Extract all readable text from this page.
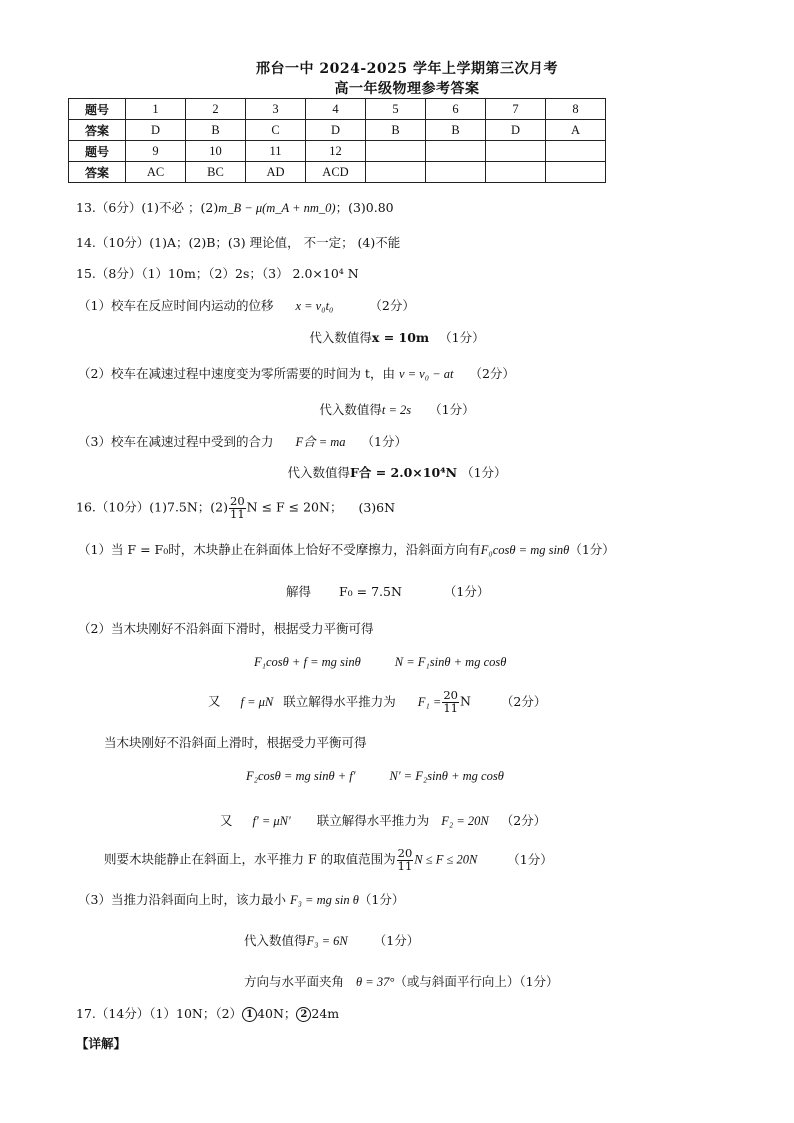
邢台一中 2024-2025 学年上学期第三次月考
高一年级物理参考答案
题号	1	2	3	4	5	6	7	8
答案	D	B	C	D	B	B	D	A
题号	9	10	11	12				
答案	AC	BC	AD	ACD				
13.（6分）(1)不必 ；(2)m_B − μ(m_A + nm_0)；(3)0.80
14.（10分）(1)A；(2)B；(3) 理论值， 不一定； (4)不能
15.（8分）（1）10m；（2）2s；（3） 2.0×10⁴ N
（1）校车在反应时间内运动的位移 x = v₀t₀	（2分）
代入数值得x = 10m （1分）
（2）校车在减速过程中速度变为零所需要的时间为 t，由 v = v₀ − at （2分）
代入数值得t = 2s （1分）
（3）校车在减速过程中受到的合力 F合 = ma （1分）
代入数值得F合 = 2.0×10⁴N （1分）
16.（10分）(1)7.5N；$(2) \frac{20}{11}$ N ≤ F ≤ 20N； (3)6N
（1）当 F = F₀时，木块静止在斜面体上恰好不受摩擦力，沿斜面方向有F₀cosθ = mg sinθ（1分）
解得 F₀ = 7.5N	（1分）
（2）当木块刚好不沿斜面下滑时，根据受力平衡可得
F₁cosθ + f = mg sinθ	N = F₁sinθ + mg cosθ
又 f = μN 联立解得水平推力为 $F_1 = \frac{20}{11}$ N （2分）
当木块刚好不沿斜面上滑时，根据受力平衡可得
F₂cosθ = mg sinθ + f′	N′ = F₂sinθ + mg cosθ
又 f′ = μN′ 联立解得水平推力为 F₂ = 20N （2分）
则要木块能静止在斜面上，水平推力 F 的取值范围为 $\frac{20}{11}$ N ≤ F ≤ 20N （1分）
（3）当推力沿斜面向上时，该力最小 F₃ = mg sin θ（1分）
代入数值得F₃ = 6N （1分）
方向与水平面夹角 θ = 37°（或与斜面平行向上）（1分）
17.（14分）（1）10N；（2） 1 40N； 2 24m
【详解】
